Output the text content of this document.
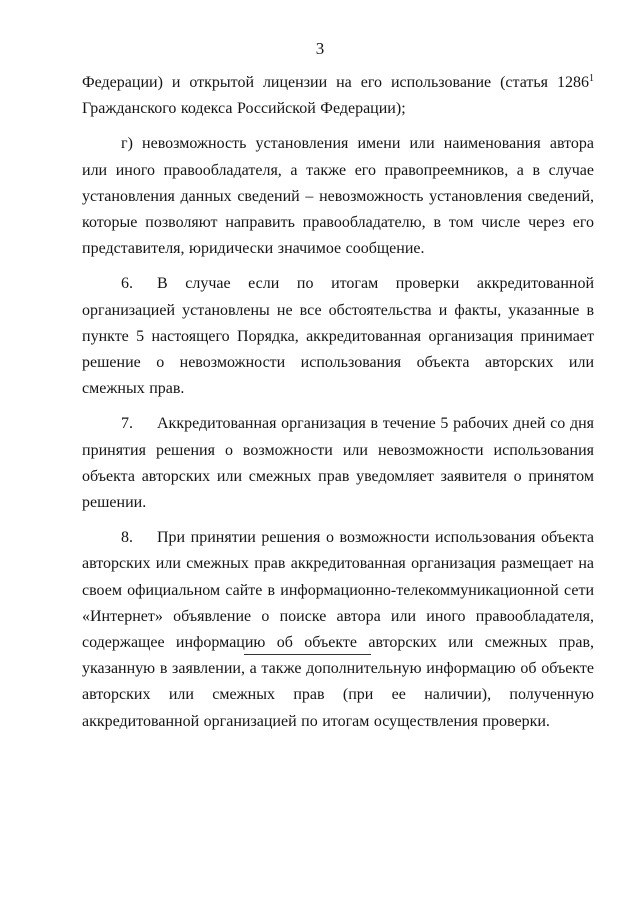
3

Федерации) и открытой лицензии на его использование (статья 1286$^1$ Гражданского кодекса Российской Федерации);

г) невозможность установления имени или наименования автора или иного правообладателя, а также его правопреемников, а в случае установления данных сведений – невозможность установления сведений, которые позволяют направить правообладателю, в том числе через его представителя, юридически значимое сообщение.

6. В случае если по итогам проверки аккредитованной организацией установлены не все обстоятельства и факты, указанные в пункте 5 настоящего Порядка, аккредитованная организация принимает решение о невозможности использования объекта авторских или смежных прав.

7. Аккредитованная организация в течение 5 рабочих дней со дня принятия решения о возможности или невозможности использования объекта авторских или смежных прав уведомляет заявителя о принятом решении.

8. При принятии решения о возможности использования объекта авторских или смежных прав аккредитованная организация размещает на своем официальном сайте в информационно-телекоммуникационной сети «Интернет» объявление о поиске автора или иного правообладателя, содержащее информацию об объекте авторских или смежных прав, указанную в заявлении, а также дополнительную информацию об объекте авторских или смежных прав (при ее наличии), полученную аккредитованной организацией по итогам осуществления проверки.
